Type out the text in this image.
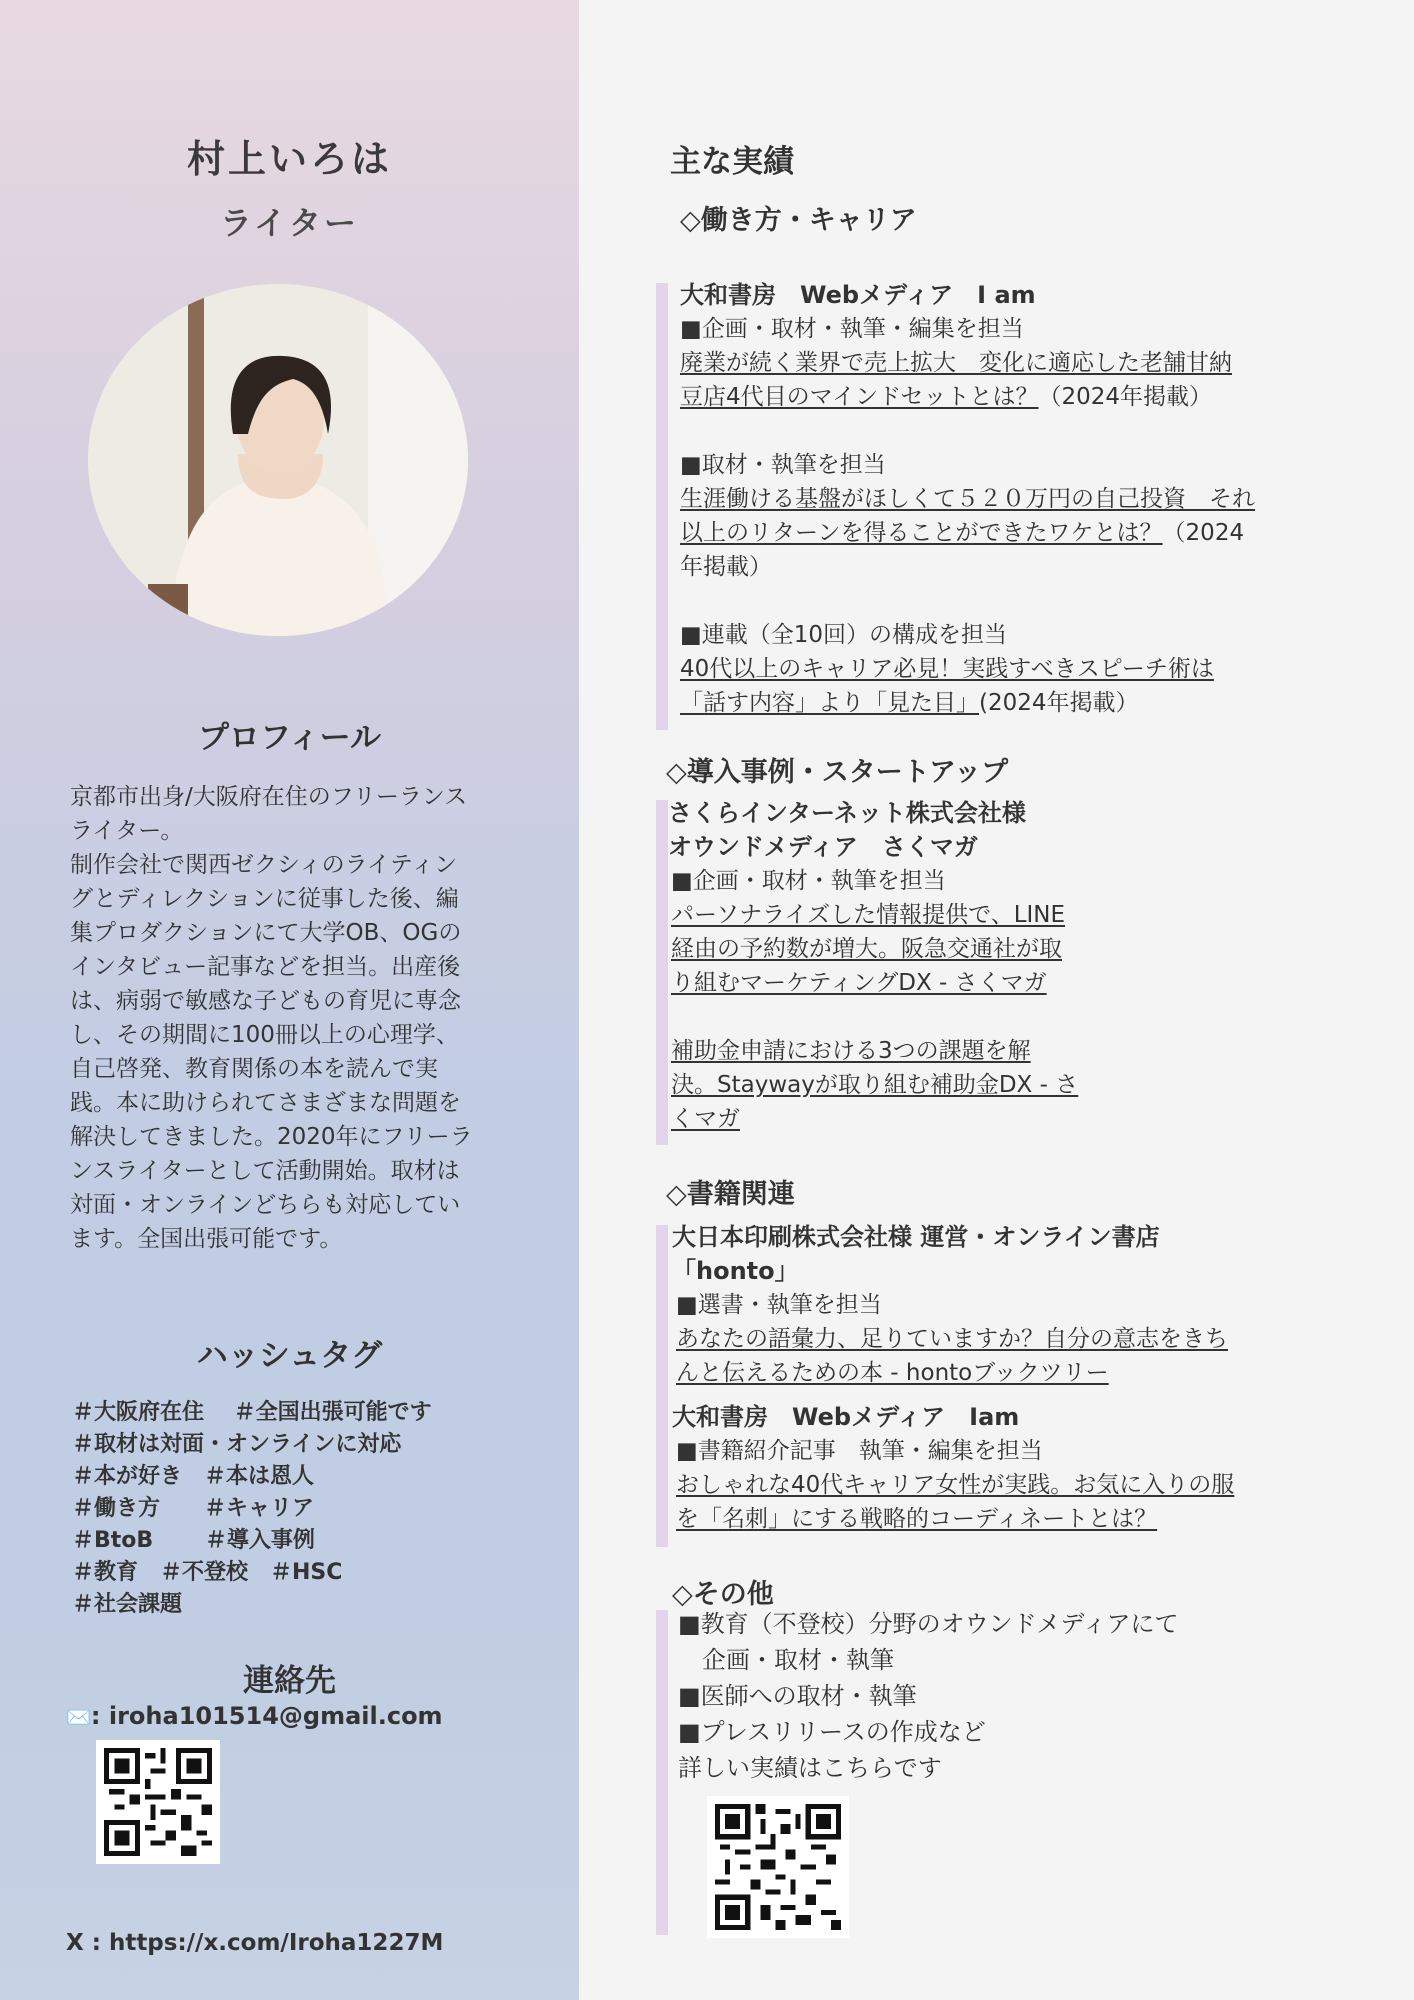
村上いろは
ライター
プロフィール
京都市出身/大阪府在住のフリーランス
ライター。
制作会社で関西ゼクシィのライティン
グとディレクションに従事した後、編
集プロダクションにて大学OB、OGの
インタビュー記事などを担当。出産後
は、病弱で敏感な子どもの育児に専念
し、その期間に100冊以上の心理学、
自己啓発、教育関係の本を読んで実
践。本に助けられてさまざまな問題を
解決してきました。2020年にフリーラ
ンスライターとして活動開始。取材は
対面・オンラインどちらも対応してい
ます。全国出張可能です。
ハッシュタグ
＃大阪府在住　 ＃全国出張可能です
＃取材は対面・オンラインに対応
＃本が好き　＃本は恩人
＃働き方　　＃キャリア
＃BtoB　　 ＃導入事例
＃教育　＃不登校　＃HSC
＃社会課題
連絡先
✉️: iroha101514@gmail.com
X : https://x.com/Iroha1227M
主な実績
◇働き方・キャリア
大和書房　Webメディア　I am
■企画・取材・執筆・編集を担当
廃業が続く業界で売上拡大　変化に適応した老舗甘納
豆店4代目のマインドセットとは？（2024年掲載）
■取材・執筆を担当
生涯働ける基盤がほしくて５２０万円の自己投資　それ
以上のリターンを得ることができたワケとは？（2024
年掲載）
■連載（全10回）の構成を担当
40代以上のキャリア必見！実践すべきスピーチ術は
「話す内容」より「見た目」(2024年掲載）
◇導入事例・スタートアップ
さくらインターネット株式会社様
オウンドメディア　さくマガ
■企画・取材・執筆を担当
パーソナライズした情報提供で、LINE
経由の予約数が増大。阪急交通社が取
り組むマーケティングDX - さくマガ
補助金申請における3つの課題を解
決。Staywayが取り組む補助金DX - さ
くマガ
◇書籍関連
大日本印刷株式会社様 運営・オンライン書店
「honto」
■選書・執筆を担当
あなたの語彙力、足りていますか？自分の意志をきち
んと伝えるための本 - hontoブックツリー
大和書房　Webメディア　Iam
■書籍紹介記事　執筆・編集を担当
おしゃれな40代キャリア女性が実践。お気に入りの服
を「名刺」にする戦略的コーディネートとは？
◇その他
■教育（不登校）分野のオウンドメディアにて
　企画・取材・執筆
■医師への取材・執筆
■プレスリリースの作成など
詳しい実績はこちらです
